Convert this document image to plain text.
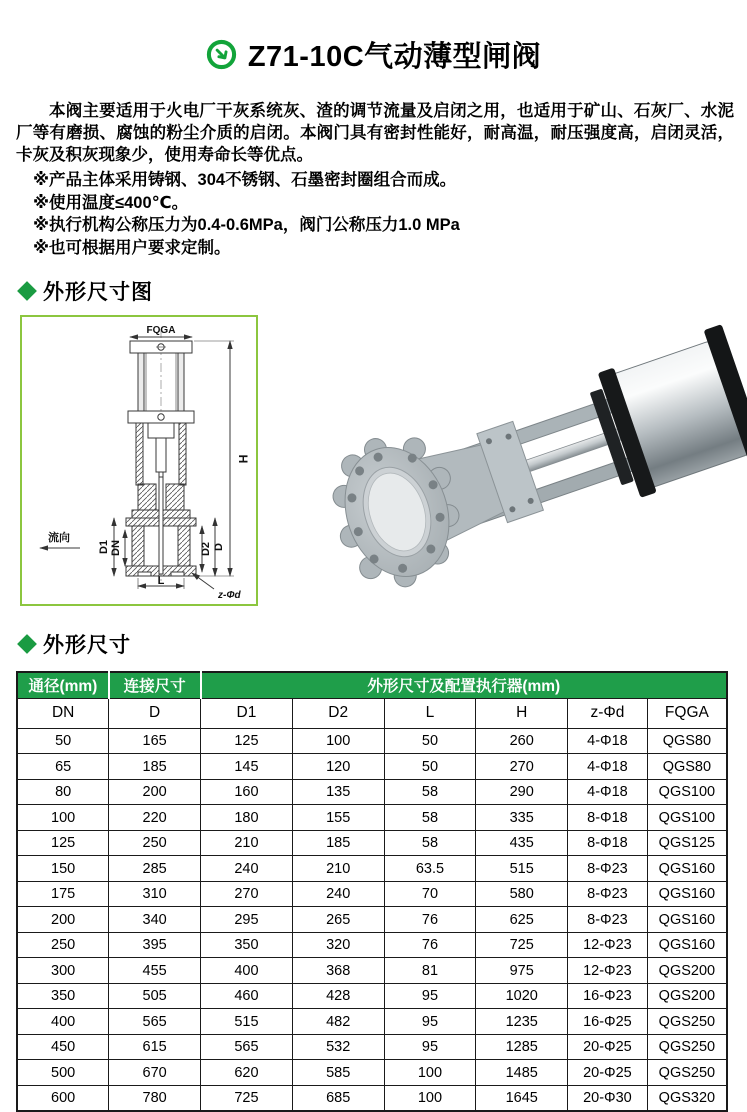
Z71-10C气动薄型闸阀

本阀主要适用于火电厂干灰系统灰、渣的调节流量及启闭之用，也适用于矿山、石灰厂、水泥厂等有磨损、腐蚀的粉尘介质的启闭。本阀门具有密封性能好，耐高温，耐压强度高，启闭灵活，卡灰及积灰现象少，使用寿命长等优点。

※产品主体采用铸钢、304不锈钢、石墨密封圈组合而成。
※使用温度≤400℃。
※执行机构公称压力为0.4-0.6MPa，阀门公称压力1.0 MPa
※也可根据用户要求定制。
外形尺寸图
FQGA
H
D1 DN	D2 D
L
z-Φd
流向
外形尺寸
通径(mm)	连接尺寸	外形尺寸及配置执行器(mm)					
DN	D	D1	D2	L	H	z-Φd	FQGA
50	165	125	100	50	260	4-Φ18	QGS80
65	185	145	120	50	270	4-Φ18	QGS80
80	200	160	135	58	290	4-Φ18	QGS100
100	220	180	155	58	335	8-Φ18	QGS100
125	250	210	185	58	435	8-Φ18	QGS125
150	285	240	210	63.5	515	8-Φ23	QGS160
175	310	270	240	70	580	8-Φ23	QGS160
200	340	295	265	76	625	8-Φ23	QGS160
250	395	350	320	76	725	12-Φ23	QGS160
300	455	400	368	81	975	12-Φ23	QGS200
350	505	460	428	95	1020	16-Φ23	QGS200
400	565	515	482	95	1235	16-Φ25	QGS250
450	615	565	532	95	1285	20-Φ25	QGS250
500	670	620	585	100	1485	20-Φ25	QGS250
600	780	725	685	100	1645	20-Φ30	QGS320
